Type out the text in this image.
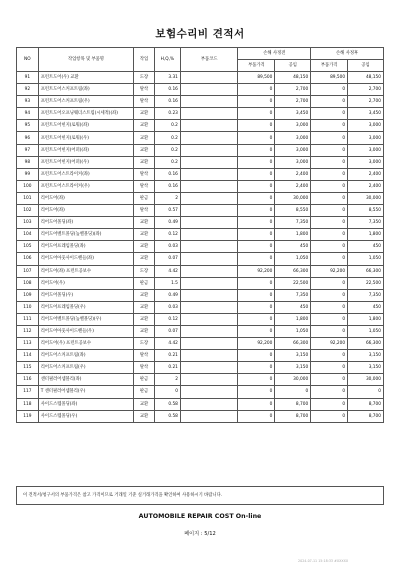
보험수리비 견적서
NO	작업항목 및 부품명	작업	H,Q,%	부품코드	손해 사정전		손해 사정후	
					부품가격	공임	부품가격	공임
91	프런트도어(우) 교환	도장	3.31		89,500	48,150	89,500	48,150
92	프런트도어스커프트림(좌)	탈착	0.16		0	2,700	0	2,700
93	프런트도어스커프트림(우)	탈착	0.16		0	2,700	0	2,700
94	프런트도어오프닝웨더스트립(시세적)(좌)	교환	0.23		0	3,450	0	3,450
95	프런트도어힌지(로워)(좌)	교환	0.2		0	3,000	0	3,000
96	프런트도어힌지(로워)(우)	교환	0.2		0	3,000	0	3,000
97	프런트도어힌지(어퍼)(좌)	교환	0.2		0	3,000	0	3,000
98	프런트도어힌지(어퍼)(우)	교환	0.2		0	3,000	0	3,000
99	프런트도어스트라이커(좌)	탈착	0.16		0	2,400	0	2,400
100	프런트도어스트라이커(우)	탈착	0.16		0	2,400	0	2,400
101	리어도어(좌)	판금	2		0	30,000	0	30,000
102	리어도어(좌)	탈착	0.57		0	8,550	0	8,550
103	리어도어몰딩(좌)	교환	0.49		0	7,350	0	7,350
104	리어도어벨트몰딩(높벨몰딩)(좌)	교환	0.12		0	1,800	0	1,800
105	리어도어프레임몰딩(좌)	교환	0.03		0	450	0	450
106	리어도어아웃사이드핸들(좌)	교환	0.07		0	1,050	0	1,050
107	리어도어(좌) 프런트공보수	도장	4.42		92,200	66,300	92,200	66,300
108	리어도어(우)	판금	1.5		0	22,500	0	22,500
109	리어도어몰딩(우)	교환	0.49		0	7,350	0	7,350
110	리어도어프레임몰딩(우)	교환	0.03		0	450	0	450
111	리어도어벨트몰딩(높벨몰딩)(우)	교환	0.12		0	1,800	0	1,800
112	리어도어아웃사이드핸들(우)	교환	0.07		0	1,050	0	1,050
113	리어도어(우) 프런트공보수	도장	4.42		92,200	66,300	92,200	66,300
114	리어도어스커프트림(좌)	탈착	0.21		0	3,150	0	3,150
115	리어도어스커프트림(우)	탈착	0.21		0	3,150	0	3,150
116	센터필러어셈블리(좌)	판금	2		0	30,000	0	30,000
117	T 센터필러어셈블리(우)	판금	0		0	0	0	0
118	사이드스텝몰딩(좌)	교환	0.58		0	8,700	0	8,700
119	사이드스텝몰딩(우)	교환	0.58		0	8,700	0	8,700
이 견적서/청구서의 부품가격은 참고 가격이므로 거래일 기준 실거래가격을 확인하여 사용하시기 바랍니다.
AUTOMOBILE REPAIR COST On-line
페이지 : 5/12
2024-07-11 15:18:33 #XXXXX
